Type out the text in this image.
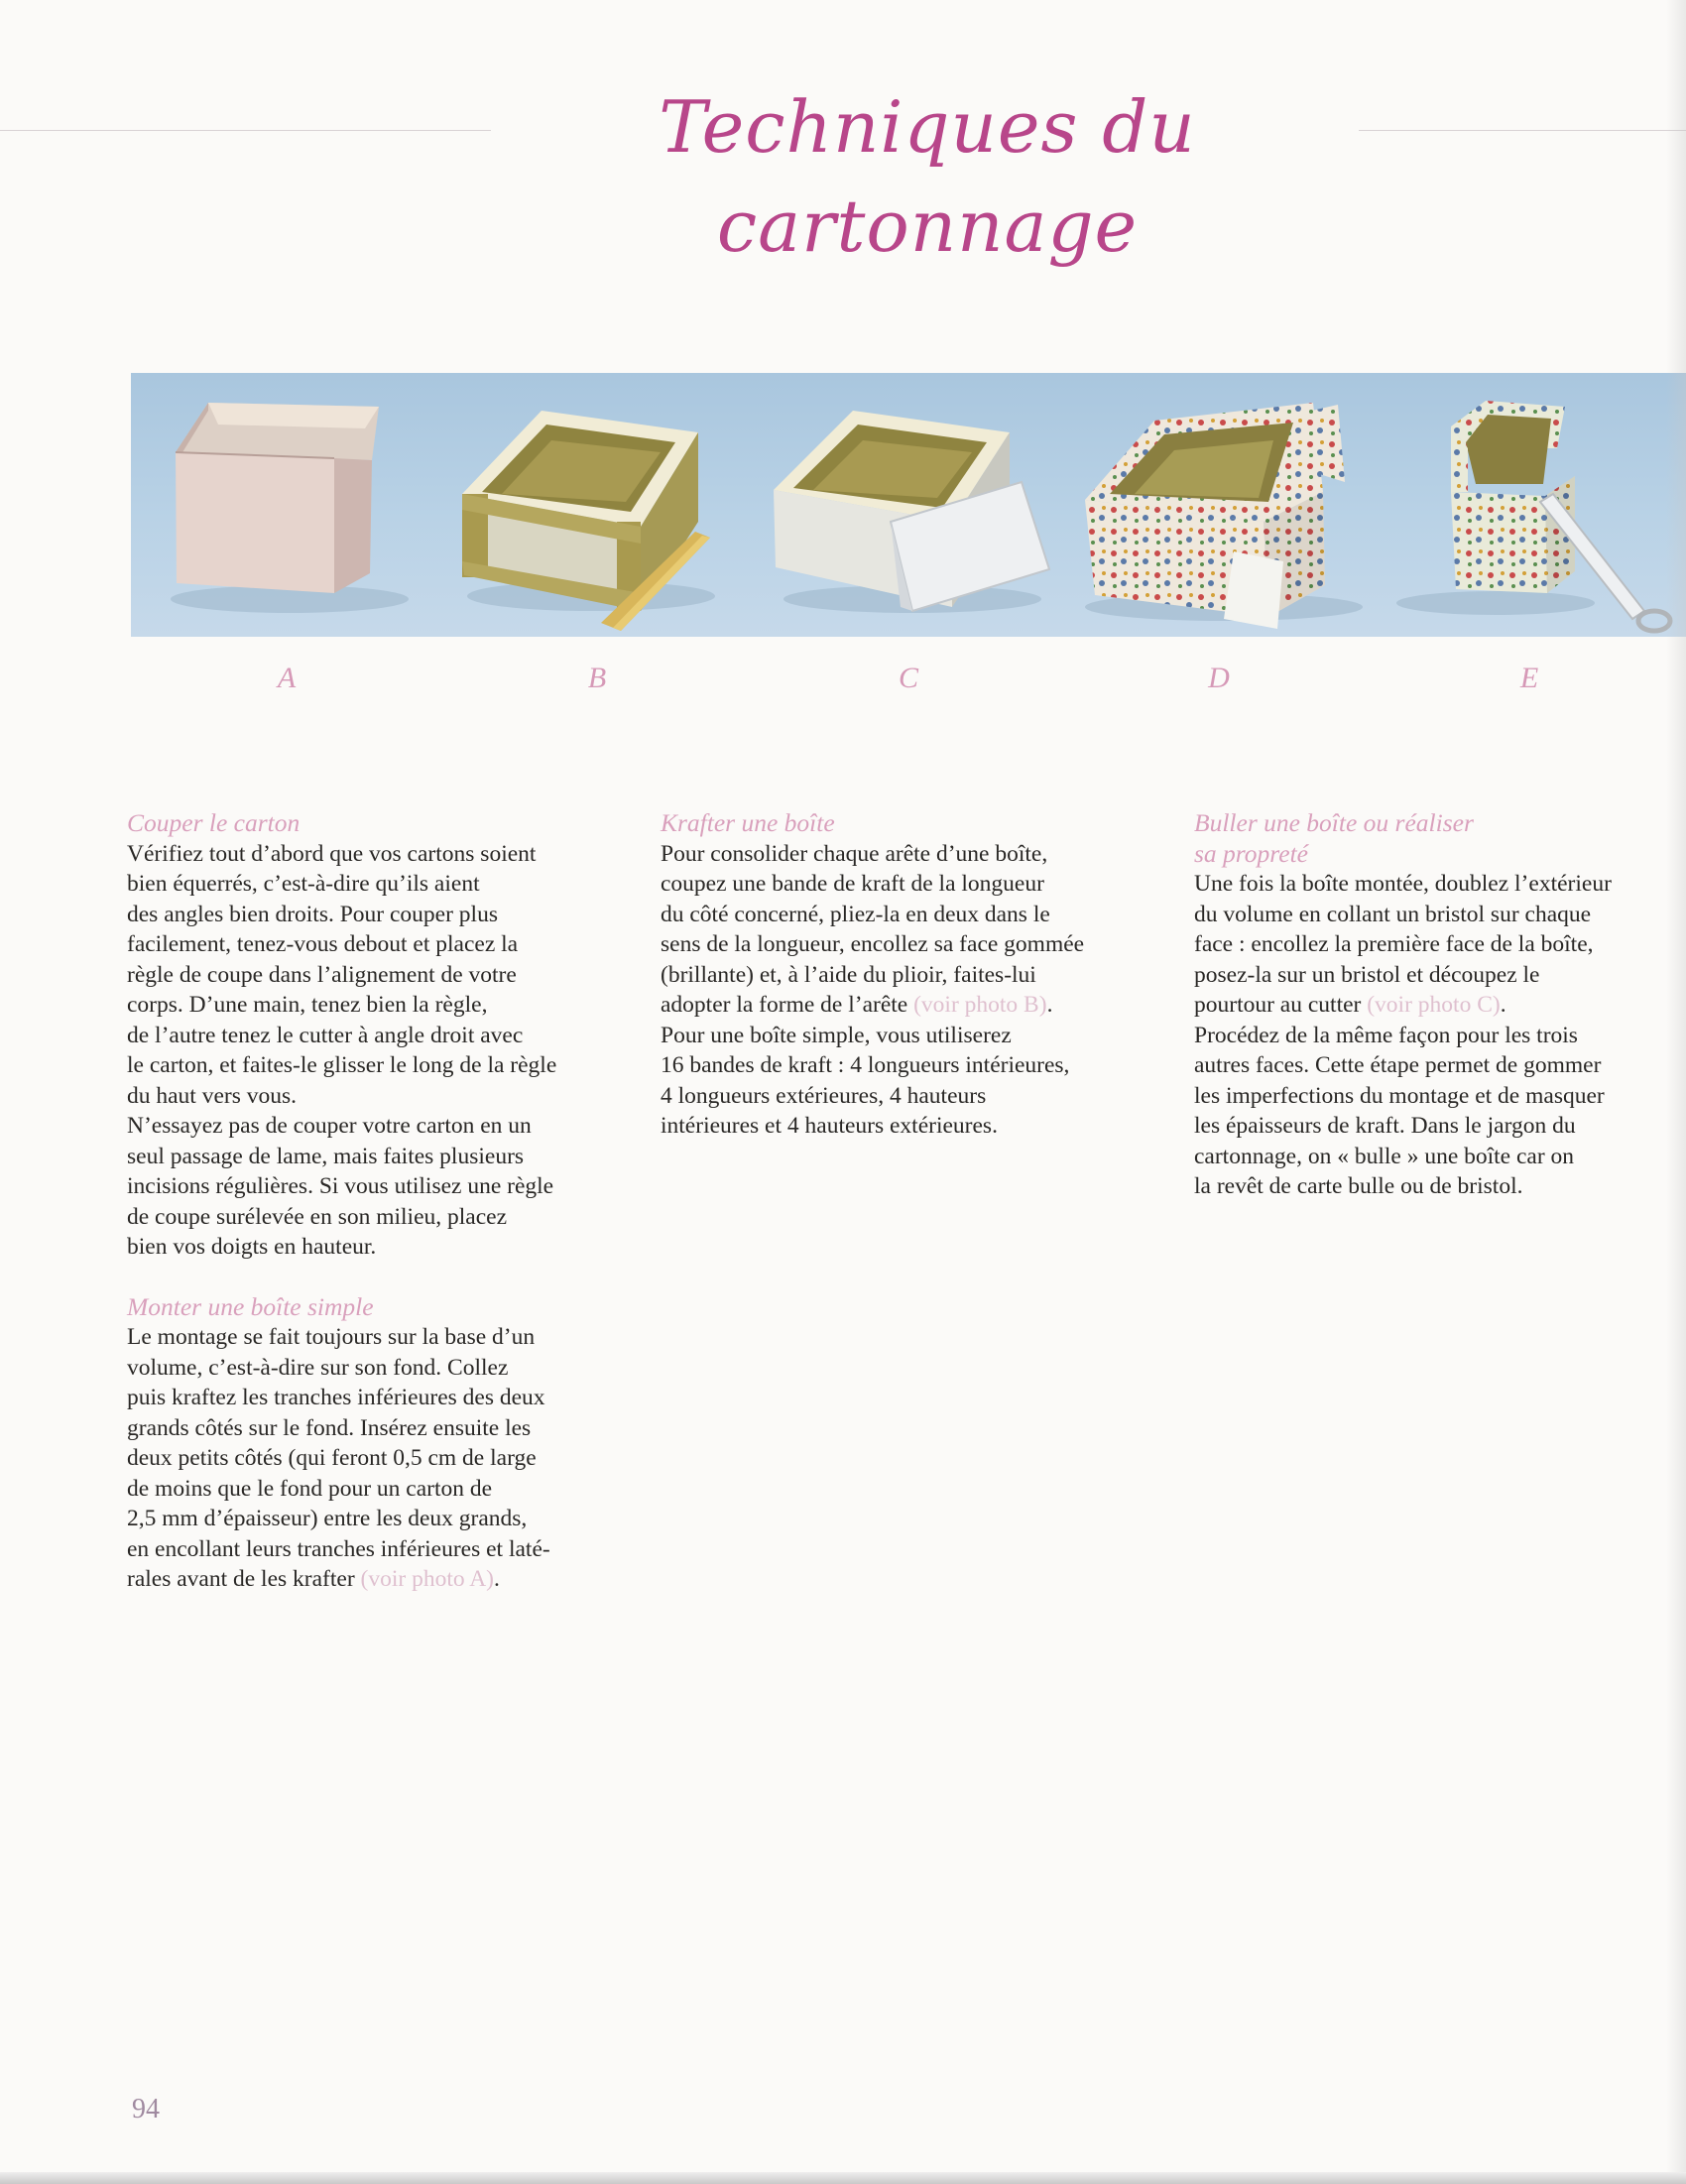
Techniques du cartonnage
A	B	C	D	E
Couper le carton

Vérifiez tout d’abord que vos cartons soient
bien équerrés, c’est-à-dire qu’ils aient
des angles bien droits. Pour couper plus
facilement, tenez-vous debout et placez la
règle de coupe dans l’alignement de votre
corps. D’une main, tenez bien la règle,
de l’autre tenez le cutter à angle droit avec
le carton, et faites-le glisser le long de la règle
du haut vers vous.
N’essayez pas de couper votre carton en un
seul passage de lame, mais faites plusieurs
incisions régulières. Si vous utilisez une règle
de coupe surélevée en son milieu, placez
bien vos doigts en hauteur.

Monter une boîte simple

Le montage se fait toujours sur la base d’un
volume, c’est-à-dire sur son fond. Collez
puis kraftez les tranches inférieures des deux
grands côtés sur le fond. Insérez ensuite les
deux petits côtés (qui feront 0,5 cm de large
de moins que le fond pour un carton de
2,5 mm d’épaisseur) entre les deux grands,
en encollant leurs tranches inférieures et laté-
rales avant de les krafter (voir photo A).

Krafter une boîte

Pour consolider chaque arête d’une boîte,
coupez une bande de kraft de la longueur
du côté concerné, pliez-la en deux dans le
sens de la longueur, encollez sa face gommée
(brillante) et, à l’aide du plioir, faites-lui
adopter la forme de l’arête (voir photo B).
Pour une boîte simple, vous utiliserez
16 bandes de kraft : 4 longueurs intérieures,
4 longueurs extérieures, 4 hauteurs
intérieures et 4 hauteurs extérieures.

Buller une boîte ou réaliser
sa propreté

Une fois la boîte montée, doublez l’extérieur
du volume en collant un bristol sur chaque
face : encollez la première face de la boîte,
posez-la sur un bristol et découpez le
pourtour au cutter (voir photo C).
Procédez de la même façon pour les trois
autres faces. Cette étape permet de gommer
les imperfections du montage et de masquer
les épaisseurs de kraft. Dans le jargon du
cartonnage, on « bulle » une boîte car on
la revêt de carte bulle ou de bristol.

94
